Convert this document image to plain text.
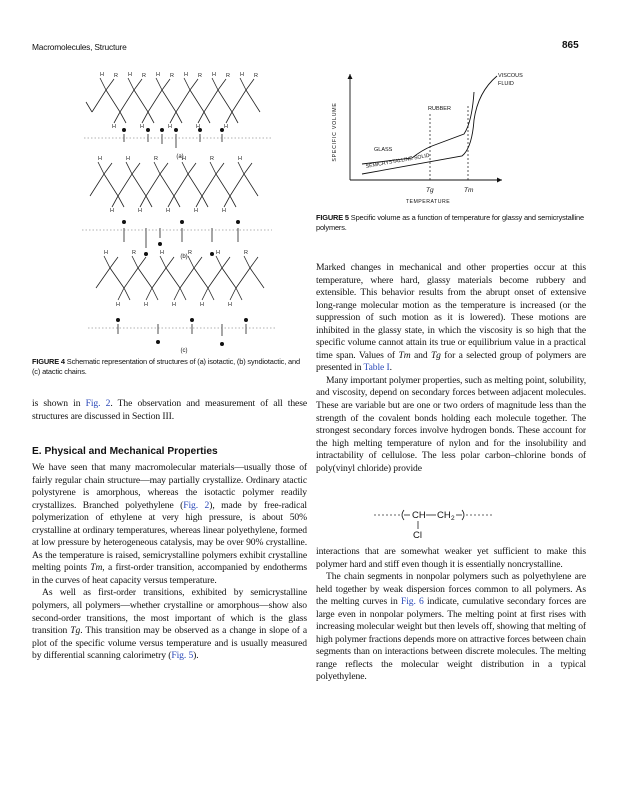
Macromolecules, Structure	865
H	H	H	H	H	H
R	R	R	R	R	R
H	H	H	H	H
H	H	R	H	R	H
H	H	H	H	H
H	R	H	R	H	R
H	H	H	H	H
(a)
(b)
(c)
FIGURE 4 Schematic representation of structures of (a) isotactic, (b) syndiotactic, and (c) atactic chains.
SPECIFIC VOLUME
TEMPERATURE
VISCOUS
FLUID
RUBBER
GLASS
SEMICRYSTALLINE SOLID
Tg	Tm
FIGURE 5 Specific volume as a function of temperature for glassy and semicrystalline polymers.

is shown in Fig. 2. The observation and measurement of all these structures are discussed in Section III.

E. Physical and Mechanical Properties

We have seen that many macromolecular materials—usually those of fairly regular chain structure—may partially crystallize. Ordinary atactic polystyrene is amorphous, whereas the isotactic polymer readily crystallizes. Branched polyethylene (Fig. 2), made by free-radical polymerization of ethylene at very high pressure, is about 50% crystalline at ordinary temperatures, whereas linear polyethylene, formed at low pressure by heterogeneous catalysis, may be over 90% crystalline. As the temperature is raised, semicrystalline polymers exhibit crystalline melting points Tm, a first-order transition, accompanied by endotherms in the curves of heat capacity versus temperature.

As well as first-order transitions, exhibited by semicrystalline polymers, all polymers—whether crystalline or amorphous—show also second-order transitions, the most important of which is the glass transition Tg. This transition may be observed as a change in slope of a plot of the specific volume versus temperature and is usually measured by differential scanning calorimetry (Fig. 5).

Marked changes in mechanical and other properties occur at this temperature, where hard, glassy materials become rubbery and extensible. This behavior results from the abrupt onset of extensive long-range molecular motion as the temperature is increased (or the suppression of such motion as it is lowered). These motions are inhibited in the glassy state, in which the viscosity is so high that the specific volume cannot attain its true or equilibrium value in a practical time span. Values of Tm and Tg for a selected group of polymers are presented in Table I.

Many important polymer properties, such as melting point, solubility, and viscosity, depend on secondary forces between adjacent molecules. These are variable but are one or two orders of magnitude less than the strength of the covalent bonds holding each molecule together. The strongest secondary forces involve hydrogen bonds. These account for the high melting temperature of nylon and for the insolubility and intractability of cellulose. The less polar carbon–chlorine bonds of poly(vinyl chloride) provide

CH CH 2
Cl

interactions that are somewhat weaker yet sufficient to make this polymer hard and stiff even though it is essentially noncrystalline.

The chain segments in nonpolar polymers such as polyethylene are held together by weak dispersion forces common to all polymers. As the melting curves in Fig. 6 indicate, cumulative secondary forces are large even in nonpolar polymers. The melting point at first rises with increasing molecular weight but then levels off, showing that melting of high polymer fractions depends more on attractive forces between chain segments than on interactions between discrete molecules. The melting range reflects the molecular weight distribution in a typical polyethylene.
